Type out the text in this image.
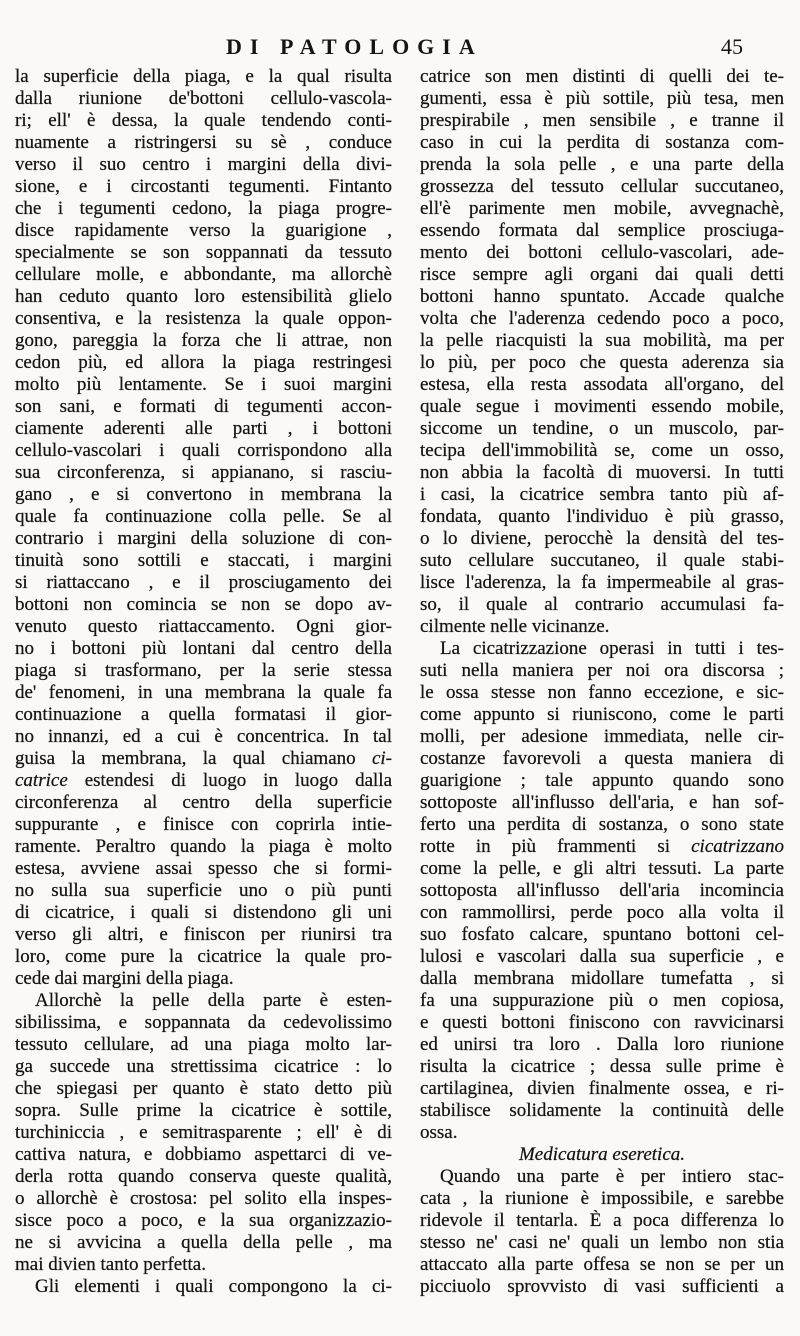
DI PATOLOGIA	45
la superficie della piaga, e la qual risulta
dalla riunione de'bottoni cellulo-vascola-
ri; ell' è dessa, la quale tendendo conti-
nuamente a ristringersi su sè , conduce
verso il suo centro i margini della divi-
sione, e i circostanti tegumenti. Fintanto
che i tegumenti cedono, la piaga progre-
disce rapidamente verso la guarigione ,
specialmente se son soppannati da tessuto
cellulare molle, e abbondante, ma allorchè
han ceduto quanto loro estensibilità glielo
consentiva, e la resistenza la quale oppon-
gono, pareggia la forza che li attrae, non
cedon più, ed allora la piaga restringesi
molto più lentamente. Se i suoi margini
son sani, e formati di tegumenti accon-
ciamente aderenti alle parti , i bottoni
cellulo-vascolari i quali corrispondono alla
sua circonferenza, si appianano, si rasciu-
gano , e si convertono in membrana la
quale fa continuazione colla pelle. Se al
contrario i margini della soluzione di con-
tinuità sono sottili e staccati, i margini
si riattaccano , e il prosciugamento dei
bottoni non comincia se non se dopo av-
venuto questo riattaccamento. Ogni gior-
no i bottoni più lontani dal centro della
piaga si trasformano, per la serie stessa
de' fenomeni, in una membrana la quale fa
continuazione a quella formatasi il gior-
no innanzi, ed a cui è concentrica. In tal
guisa la membrana, la qual chiamano ci-
catrice estendesi di luogo in luogo dalla
circonferenza al centro della superficie
suppurante , e finisce con coprirla intie-
ramente. Peraltro quando la piaga è molto
estesa, avviene assai spesso che si formi-
no sulla sua superficie uno o più punti
di cicatrice, i quali si distendono gli uni
verso gli altri, e finiscon per riunirsi tra
loro, come pure la cicatrice la quale pro-
cede dai margini della piaga.
Allorchè la pelle della parte è esten-
sibilissima, e soppannata da cedevolissimo
tessuto cellulare, ad una piaga molto lar-
ga succede una strettissima cicatrice : lo
che spiegasi per quanto è stato detto più
sopra. Sulle prime la cicatrice è sottile,
turchiniccia , e semitrasparente ; ell' è di
cattiva natura, e dobbiamo aspettarci di ve-
derla rotta quando conserva queste qualità,
o allorchè è crostosa: pel solito ella inspes-
sisce poco a poco, e la sua organizzazio-
ne si avvicina a quella della pelle , ma
mai divien tanto perfetta.
Gli elementi i quali compongono la ci-
catrice son men distinti di quelli dei te-
gumenti, essa è più sottile, più tesa, men
prespirabile , men sensibile , e tranne il
caso in cui la perdita di sostanza com-
prenda la sola pelle , e una parte della
grossezza del tessuto cellular succutaneo,
ell'è parimente men mobile, avvegnachè,
essendo formata dal semplice prosciuga-
mento dei bottoni cellulo-vascolari, ade-
risce sempre agli organi dai quali detti
bottoni hanno spuntato. Accade qualche
volta che l'aderenza cedendo poco a poco,
la pelle riacquisti la sua mobilità, ma per
lo più, per poco che questa aderenza sia
estesa, ella resta assodata all'organo, del
quale segue i movimenti essendo mobile,
siccome un tendine, o un muscolo, par-
tecipa dell'immobilità se, come un osso,
non abbia la facoltà di muoversi. In tutti
i casi, la cicatrice sembra tanto più af-
fondata, quanto l'individuo è più grasso,
o lo diviene, perocchè la densità del tes-
suto cellulare succutaneo, il quale stabi-
lisce l'aderenza, la fa impermeabile al gras-
so, il quale al contrario accumulasi fa-
cilmente nelle vicinanze.
La cicatrizzazione operasi in tutti i tes-
suti nella maniera per noi ora discorsa ;
le ossa stesse non fanno eccezione, e sic-
come appunto si riuniscono, come le parti
molli, per adesione immediata, nelle cir-
costanze favorevoli a questa maniera di
guarigione ; tale appunto quando sono
sottoposte all'influsso dell'aria, e han sof-
ferto una perdita di sostanza, o sono state
rotte in più frammenti si cicatrizzano
come la pelle, e gli altri tessuti. La parte
sottoposta all'influsso dell'aria incomincia
con rammollirsi, perde poco alla volta il
suo fosfato calcare, spuntano bottoni cel-
lulosi e vascolari dalla sua superficie , e
dalla membrana midollare tumefatta , si
fa una suppurazione più o men copiosa,
e questi bottoni finiscono con ravvicinarsi
ed unirsi tra loro . Dalla loro riunione
risulta la cicatrice ; dessa sulle prime è
cartilaginea, divien finalmente ossea, e ri-
stabilisce solidamente la continuità delle
ossa.
Medicatura eseretica.
Quando una parte è per intiero stac-
cata , la riunione è impossibile, e sarebbe
ridevole il tentarla. È a poca differenza lo
stesso ne' casi ne' quali un lembo non stia
attaccato alla parte offesa se non se per un
picciuolo sprovvisto di vasi sufficienti a
